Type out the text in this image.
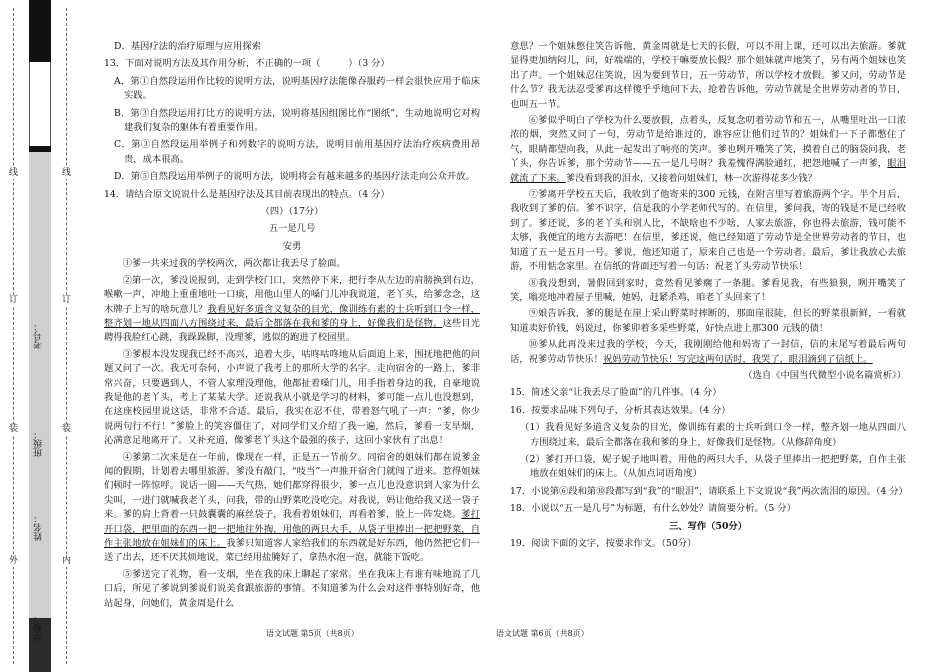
线
订
装
外
线
订
装
内
学校：
姓名：
班级：
考号：

D．基因疗法的治疗原理与应用探索

13．下面对说明方法及其作用分析，不正确的一项（　　　）（3 分）

A．第①自然段运用作比较的说明方法，说明基因疗法能像吞服药一样会很快应用于临床实践。

B．第③自然段运用打比方的说明方法，说明将基因组图比作“图纸”，生动地说明它对构建我们复杂的躯体有着重要作用。

C．第③自然段运用举例子和列数字的说明方法，说明目前用基因疗法治疗疾病费用昂贵，成本很高。

D．第⑤自然段运用举例子的说明方法，说明将会有越来越多的基因疗法走向公众开放。

14．请结合原文说说什么是基因疗法及其目前表现出的特点。（4 分）

（四）（17分）

五一是几号

安勇

①爹一共来过我的学校两次，两次都让我丢尽了脸面。

②第一次，爹没说报到，走到学校门口，突然停下来，把行李从左边的肩膀换到右边，喉嗽一声，冲地上重重地吐一口痰，用他山里人的嗓门儿冲我说道，老丫头，给爹念念，这木牌子上写的啥玩意儿？我看见好多道含义复杂的目光，像训练有素的士兵听到口令一样，整齐划一地从四面八方围绕过来，最后全都落在我和爹的身上，好像我们是怪物。这些目光聘得我脸红心跳，我跺跺脚，没理爹，逃似的跑进了校园里。

③爹根本没发现我已经不高兴，追着大步，咕咚咕咚地从后面追上来，围抚地把他的问题又问了一次。我无可奈何，小声说了我考上的那所大学的名字。走向宿舍的一路上，爹非常兴奋，只要遇到人，不管人家理没理他，他都扯着嗓门儿，用手指着身边的我，自豪地说我是他的老丫头，考上了某某大学。还说我从小就是学习的材料，爹可能一点儿也没想到，在这座校园里说这话，非常不合适。最后，我实在忍不住，带着怒气吼了一声：“爹，你少说两句行不行！”爹脸上的笑容僵住了，对同学们又介绍了我一遍，然后，爹看一支旱烟，沁满意足地离开了。又补充道，像爹老丫头这个最强的孩子，这回小家伙有了出息！

④爹第二次来是在一年前，像现在一样，正是五一节前夕。同宿舍的姐妹们都在说爹金闻的假期，计划着去哪里旅游。爹没有敲门，“吱当”一声推开宿舍门就闯了进来。惹得姐妹们顿时一阵惊呼。说话一圆——天气热，她们都穿得很少，爹一点儿也没意识到人家为什么尖叫，一进门就喊我老丫头，问我，带的山野菜吃没吃完。对我说，妈让他给我又送一袋子来。爹的肩上背着一只鼓囊囊的麻丝袋子，我看着姐妹们，再看着爹，脸上一阵发烧。爹打开口袋，把里面的东西一把一把地往外掏，用他的两只大手，从袋子里捧出一把把野菜，自作主张地放在姐妹们的床上。我爹只知道客人家给我们的东西就是好东西，他仍然把它们一送了出去，还不厌其烦地说，菜已经用盐腌好了，拿热水泡一泡，就能下饭吃。

⑤爹送完了礼物，看一支烟，坐在我的床上聊起了家常。坐在我床上有谁有味地说了几口后，所见了爹说到爹说们说美食跟旅游的事情。不知道爹为什么会对这件事特别好奇，他站起身，问她们，黄金周是什么

意思？一个姐妹憋住笑告诉他，黄金周就是七天的长假，可以不用上课，还可以出去旅游。爹就显得更加纳闷儿，问，好端端的，学校干嘛要放长假？那个姐妹就声地笑了，另有两个姐妹也笑出了声。一个姐妹忍住笑说，因为要到节日，五一劳动节，所以学校才放假。爹又问，劳动节是什么节？我无法忍受爹再这样傻乎乎地问下去，抢着告诉他，劳动节就是全世界劳动者的节日，也叫五一节。

⑥爹似乎明白了学校为什么要放假，点着头，反复念叨着劳动节和五一，从嘴里吐出一口浓浓的烟，突然又问了一句，劳动节是给谁过的，谁容应让他们过节的？姐妹们一下子都憋住了气，眼睛都望向我，从此一起发出了响亮的笑声。爹也咧开嘴笑了笑，摸着自己的脑袋问我，老丫头，你告诉爹，那个劳动节——五一是几号呀？我羞愧得满脸通红，把怨地喊了一声爹，眼泪就流了下来。爹没看到我的泪水，又接着问姐妹们，林一次游得花多少钱？

⑦爹离开学校五天后，我收到了他寄来的300 元钱，在附言里写着旅游两个字。半个月后，我收到了爹的信。爹不识字，信是我的小学老师代写的。在信里，爹问我，寄的钱是不是已经收到了。爹还说，多的老丫头和别人比，不缺啥也不少啥，人家去旅游，你也得去旅游，钱可能不太够，我便宜的地方去游吧！在信里，爹还说，他已经知道了劳动节是全世界劳动者的节日，也知道了五一是五月一号。爹说，他还知道了，原来自己也是一个劳动者。最后，爹让我放心去旅游，不用惦念家里。在信纸的背面还写着一句话：祝老丫头劳动节快乐！

⑧我没想到，暑假回到家时，竟然看见爹瘸了一条腿。爹看见我，有些狼狈，咧开嘴笑了笑，嗡亮地冲着屋子里喊，她妈，赶紧杀鸡，咱老丫头回来了！

⑨娘告诉我，爹的腿是在崖上采山野菜时摔断的，那面崖很陡，但长的野菜很新鲜，一看就知道卖好价钱，妈说过，你爹卯着多采些野菜，好快点进上那300 元钱的债！

⑩爹从此再没来过我的学校，今天，我刚刚给他和妈寄了一封信，信的末尾写着最后两句话，祝爹劳动节快乐！祝妈劳动节快乐！写完这两句话时，我哭了，眼泪滴到了信纸上。

（选自《中国当代微型小说名篇赏析》）

15．简述父亲“让我丢尽了脸面”的几件事。（4 分）

16．按要求品味下列句子，分析其表达效果。（4 分）

（1）我看见好多道含义复杂的目光，像训练有素的士兵听到口令一样，整齐划一地从四面八方围绕过来，最后全都落在我和爹的身上，好像我们是怪物。（从修辞角度）

（2）爹打开口袋，妮子妮子地叫着，用他的两只大手，从袋子里捧出一把把野菜，自作主张地放在姐妹们的床上。（从加点词语角度）

17．小说第⑥段和第⑩段都写到“我”的“眼泪”，请联系上下文说说“我”两次流泪的原因。（4 分）

18．小说以“五一是几号”为标题，有什么妙处？请简要分析。（5 分）

三、写作（50分）

19．阅读下面的文字，按要求作文。（50分）

语文试题 第5页（共8页）	语文试题 第6页（共8页）
